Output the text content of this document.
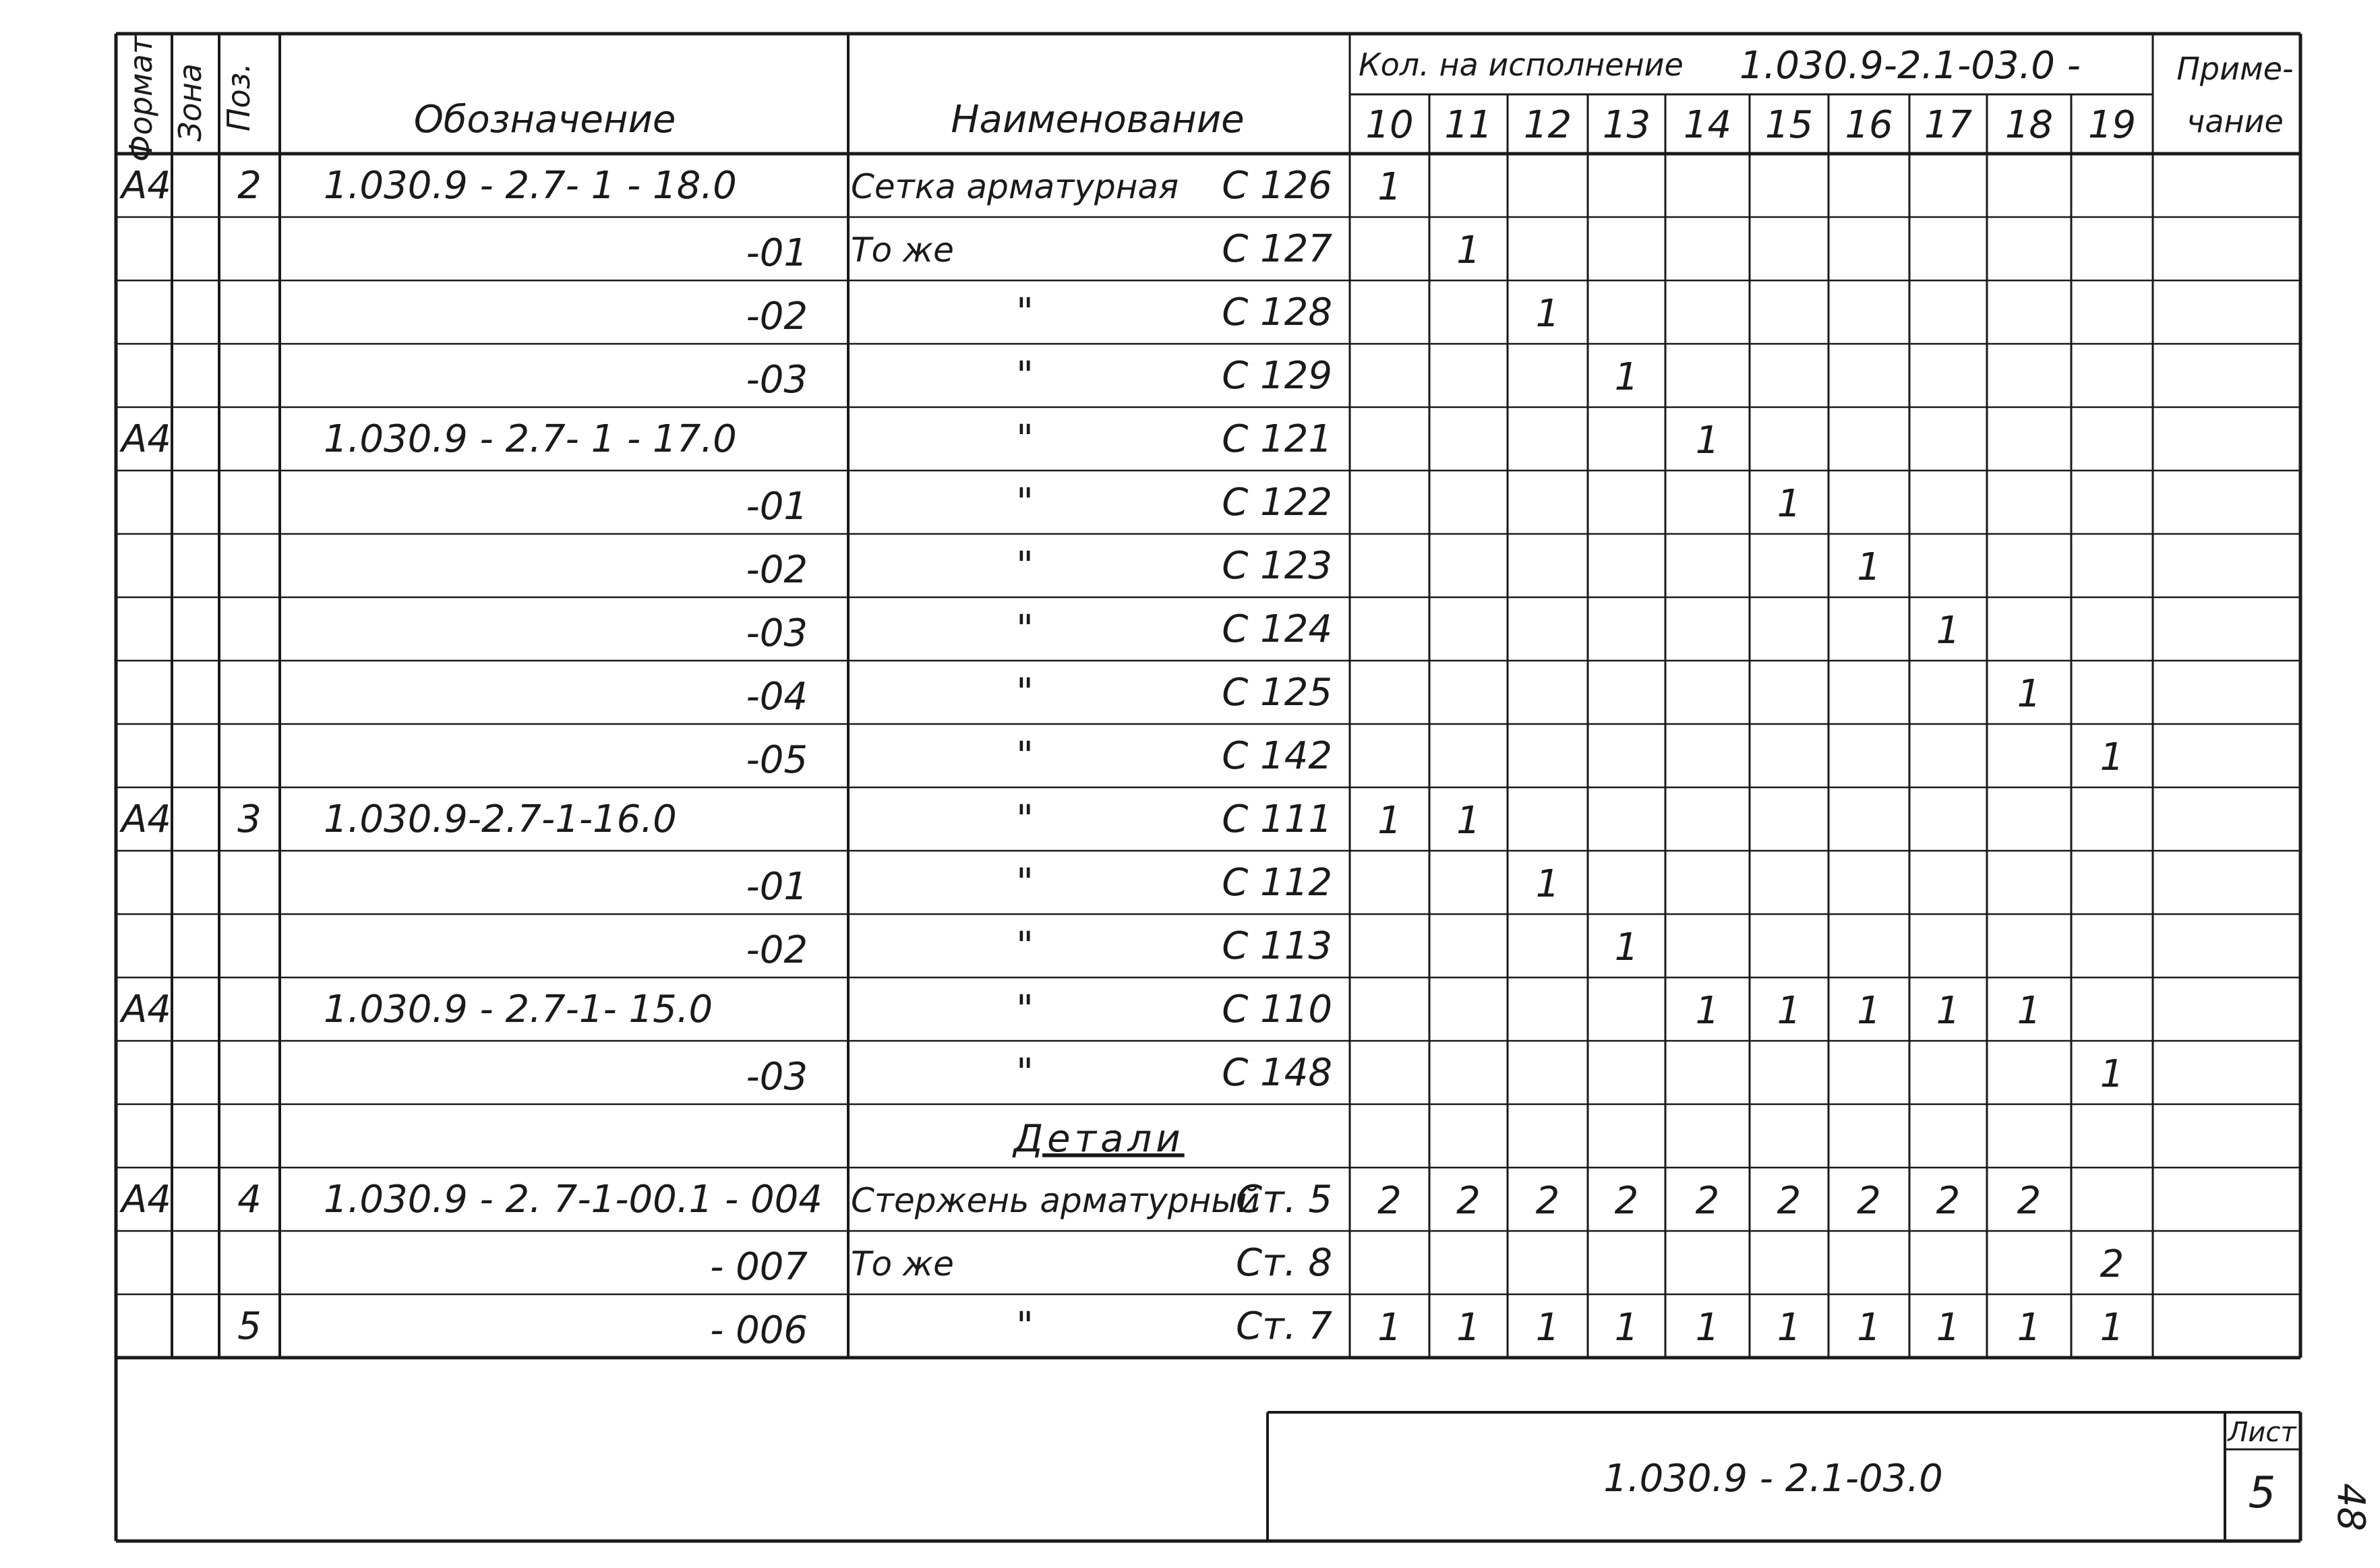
Формат Зона Поз.	Обозначение	Наименование
Кол. на исполнение 1.030.9-2.1-03.0 -	Приме-
чание
10 11 12 13 14 15 16 17 18 19
А4 2 1.030.9 - 2.7- 1 - 18.0	Сетка арматурная С 126 1
-01 То же	С 127	1
-02	"	С 128	1
-03	"	С 129	1
А4	1.030.9 - 2.7- 1 - 17.0	"	С 121	1
-01	"	С 122	1
-02	"	С 123	1
-03	"	С 124	1
-04	"	С 125	1
-05	"	С 142	1
А4 3 1.030.9-2.7-1-16.0	"	С 111 1 1
-01	"	С 112	1
-02	"	С 113	1
А4	1.030.9 - 2.7-1- 15.0	"	С 110	1 1 1 1 1
-03	"	С 148	1
Детали
А4 4 1.030.9 - 2. 7-1-00.1 - 004 Стержень арматурный
Ст. 5 2 2 2 2 2 2 2 2 2
- 007 То же	Ст. 8	2
5	- 006	"	Ст. 7 1 1 1 1 1 1 1 1 1 1
1.030.9 - 2.1-03.0
Лист
5 48
